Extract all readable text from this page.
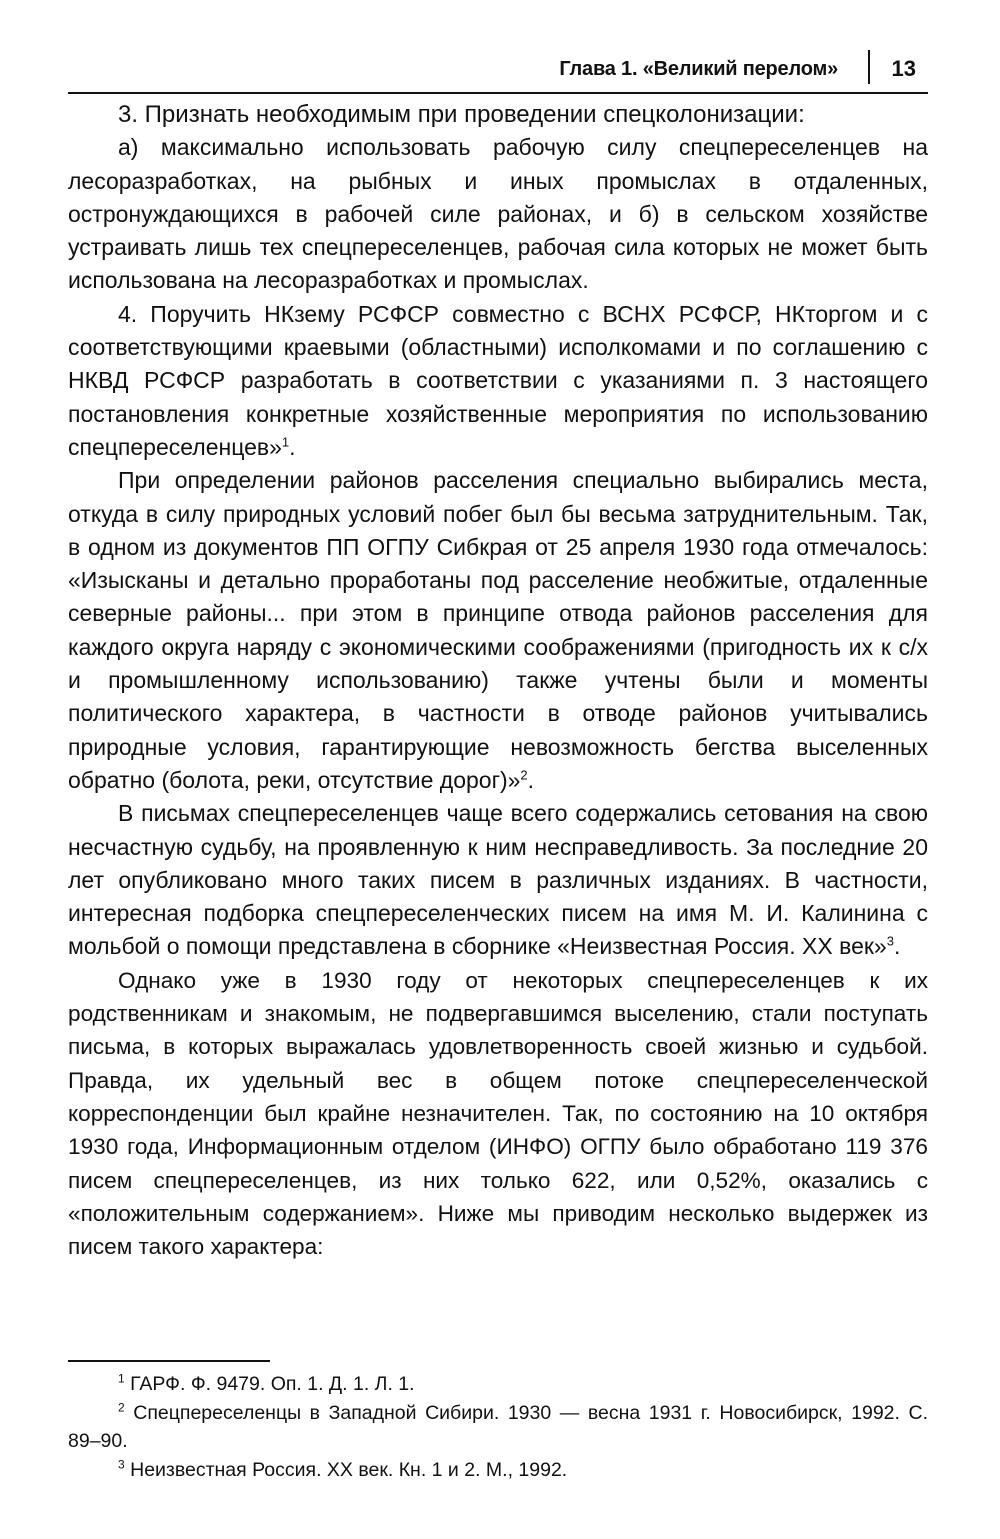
Глава 1. «Великий перелом» 13

3. Признать необходимым при проведении спецколонизации:

а) максимально использовать рабочую силу спецпереселенцев на лесоразработках, на рыбных и иных промыслах в отдаленных, остронуждающихся в рабочей силе районах, и б) в сельском хозяйстве устраивать лишь тех спецпереселенцев, рабочая сила которых не может быть использована на лесоразработках и промыслах.

4. Поручить НКзему РСФСР совместно с ВСНХ РСФСР, НКторгом и с соответствующими краевыми (областными) исполкомами и по соглашению с НКВД РСФСР разработать в соответствии с указаниями п. 3 настоящего постановления конкретные хозяйственные мероприятия по использованию спецпереселенцев»$^1$.

При определении районов расселения специально выбирались места, откуда в силу природных условий побег был бы весьма затруднительным. Так, в одном из документов ПП ОГПУ Сибкрая от 25 апреля 1930 года отмечалось: «Изысканы и детально проработаны под расселение необжитые, отдаленные северные районы... при этом в принципе отвода районов расселения для каждого округа наряду с экономическими соображениями (пригодность их к с/х и промышленному использованию) также учтены были и моменты политического характера, в частности в отводе районов учитывались природные условия, гарантирующие невозможность бегства выселенных обратно (болота, реки, отсутствие дорог)»$^2$.

В письмах спецпереселенцев чаще всего содержались сетования на свою несчастную судьбу, на проявленную к ним несправедливость. За последние 20 лет опубликовано много таких писем в различных изданиях. В частности, интересная подборка спецпереселенческих писем на имя М. И. Калинина с мольбой о помощи представлена в сборнике «Неизвестная Россия. XX век»$^3$.

Однако уже в 1930 году от некоторых спецпереселенцев к их родственникам и знакомым, не подвергавшимся выселению, стали поступать письма, в которых выражалась удовлетворенность своей жизнью и судьбой. Правда, их удельный вес в общем потоке спецпереселенческой корреспонденции был крайне незначителен. Так, по состоянию на 10 октября 1930 года, Информационным отделом (ИНФО) ОГПУ было обработано 119 376 писем спецпереселенцев, из них только 622, или 0,52%, оказались с «положительным содержанием». Ниже мы приводим несколько выдержек из писем такого характера:

$^1$ ГАРФ. Ф. 9479. Оп. 1. Д. 1. Л. 1.

$^2$ Спецпереселенцы в Западной Сибири. 1930 — весна 1931 г. Новосибирск, 1992. С. 89–90.

$^3$ Неизвестная Россия. XX век. Кн. 1 и 2. М., 1992.
